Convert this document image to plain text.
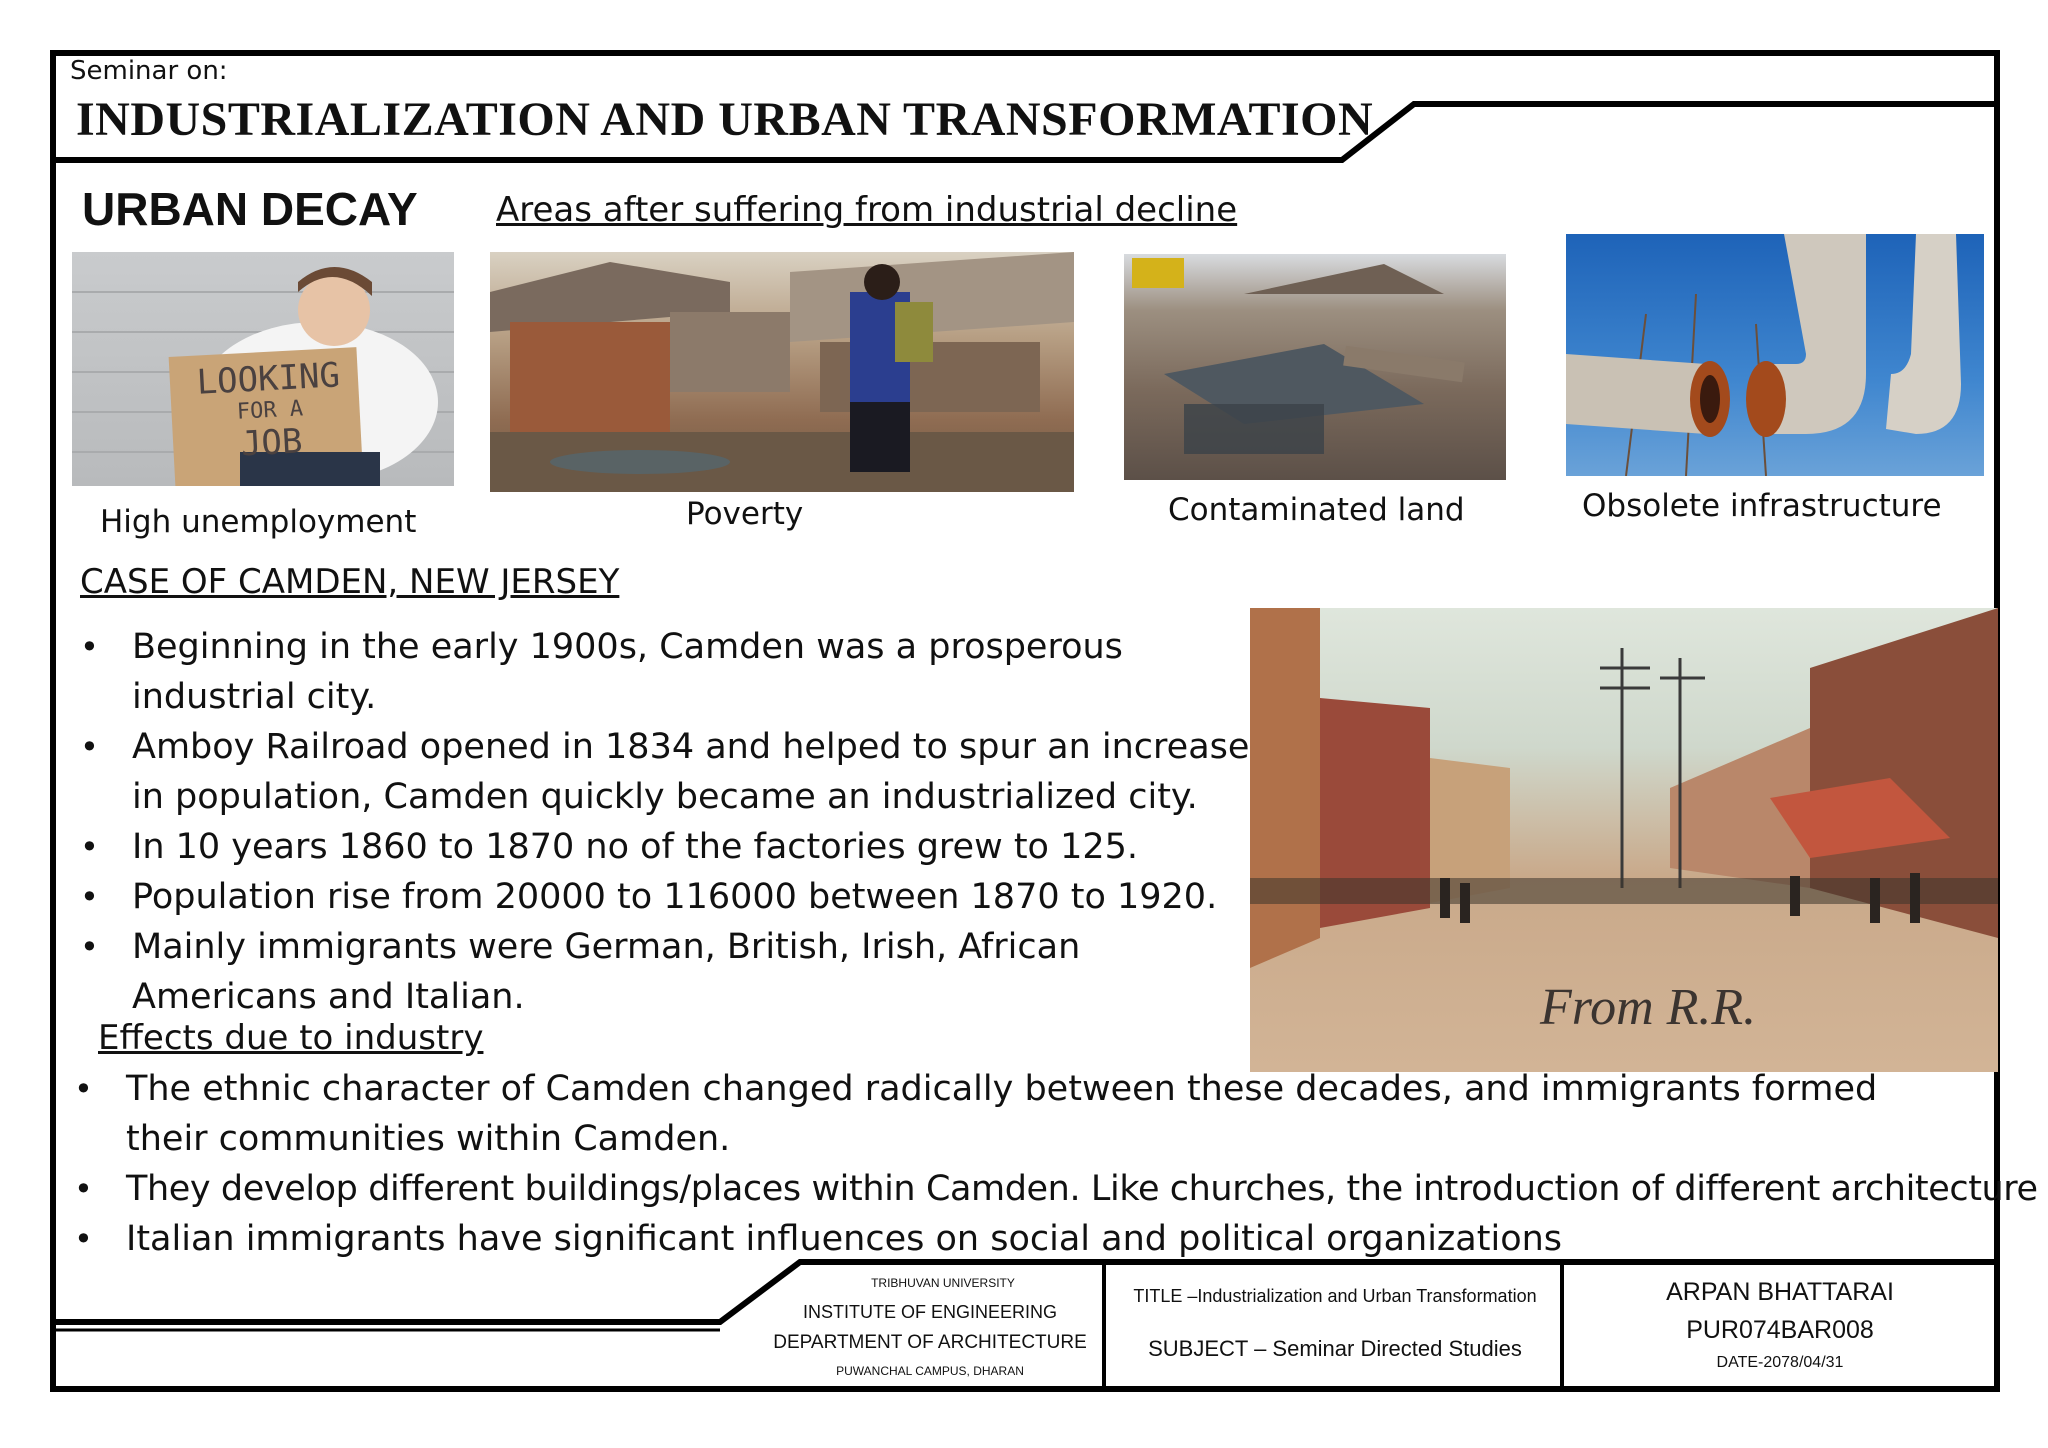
Seminar on:
INDUSTRIALIZATION AND URBAN TRANSFORMATION
URBAN DECAY Areas after suffering from industrial decline
LOOKING
FOR A
JOB
High unemployment	Poverty	Contaminated land	Obsolete infrastructure
CASE OF CAMDEN, NEW JERSEY
• Beginning in the early 1900s, Camden was a prosperous industrial city.
• Amboy Railroad opened in 1834 and helped to spur an increase in population, Camden quickly became an industrialized city.
• In 10 years 1860 to 1870 no of the factories grew to 125.
• Population rise from 20000 to 116000 between 1870 to 1920.
• Mainly immigrants were German, British, Irish, African Americans and Italian.	From R.R.
Effects due to industry
• The ethnic character of Camden changed radically between these decades, and immigrants formed their communities within Camden.
• They develop different buildings/places within Camden. Like churches, the introduction of different architecture
• Italian immigrants have significant influences on social and political organizations
TRIBHUVAN UNIVERSITY
INSTITUTE OF ENGINEERING
DEPARTMENT OF ARCHITECTURE
PUWANCHAL CAMPUS, DHARAN
TITLE –Industrialization and Urban Transformation
SUBJECT – Seminar Directed Studies
ARPAN BHATTARAI
PUR074BAR008
DATE-2078/04/31
